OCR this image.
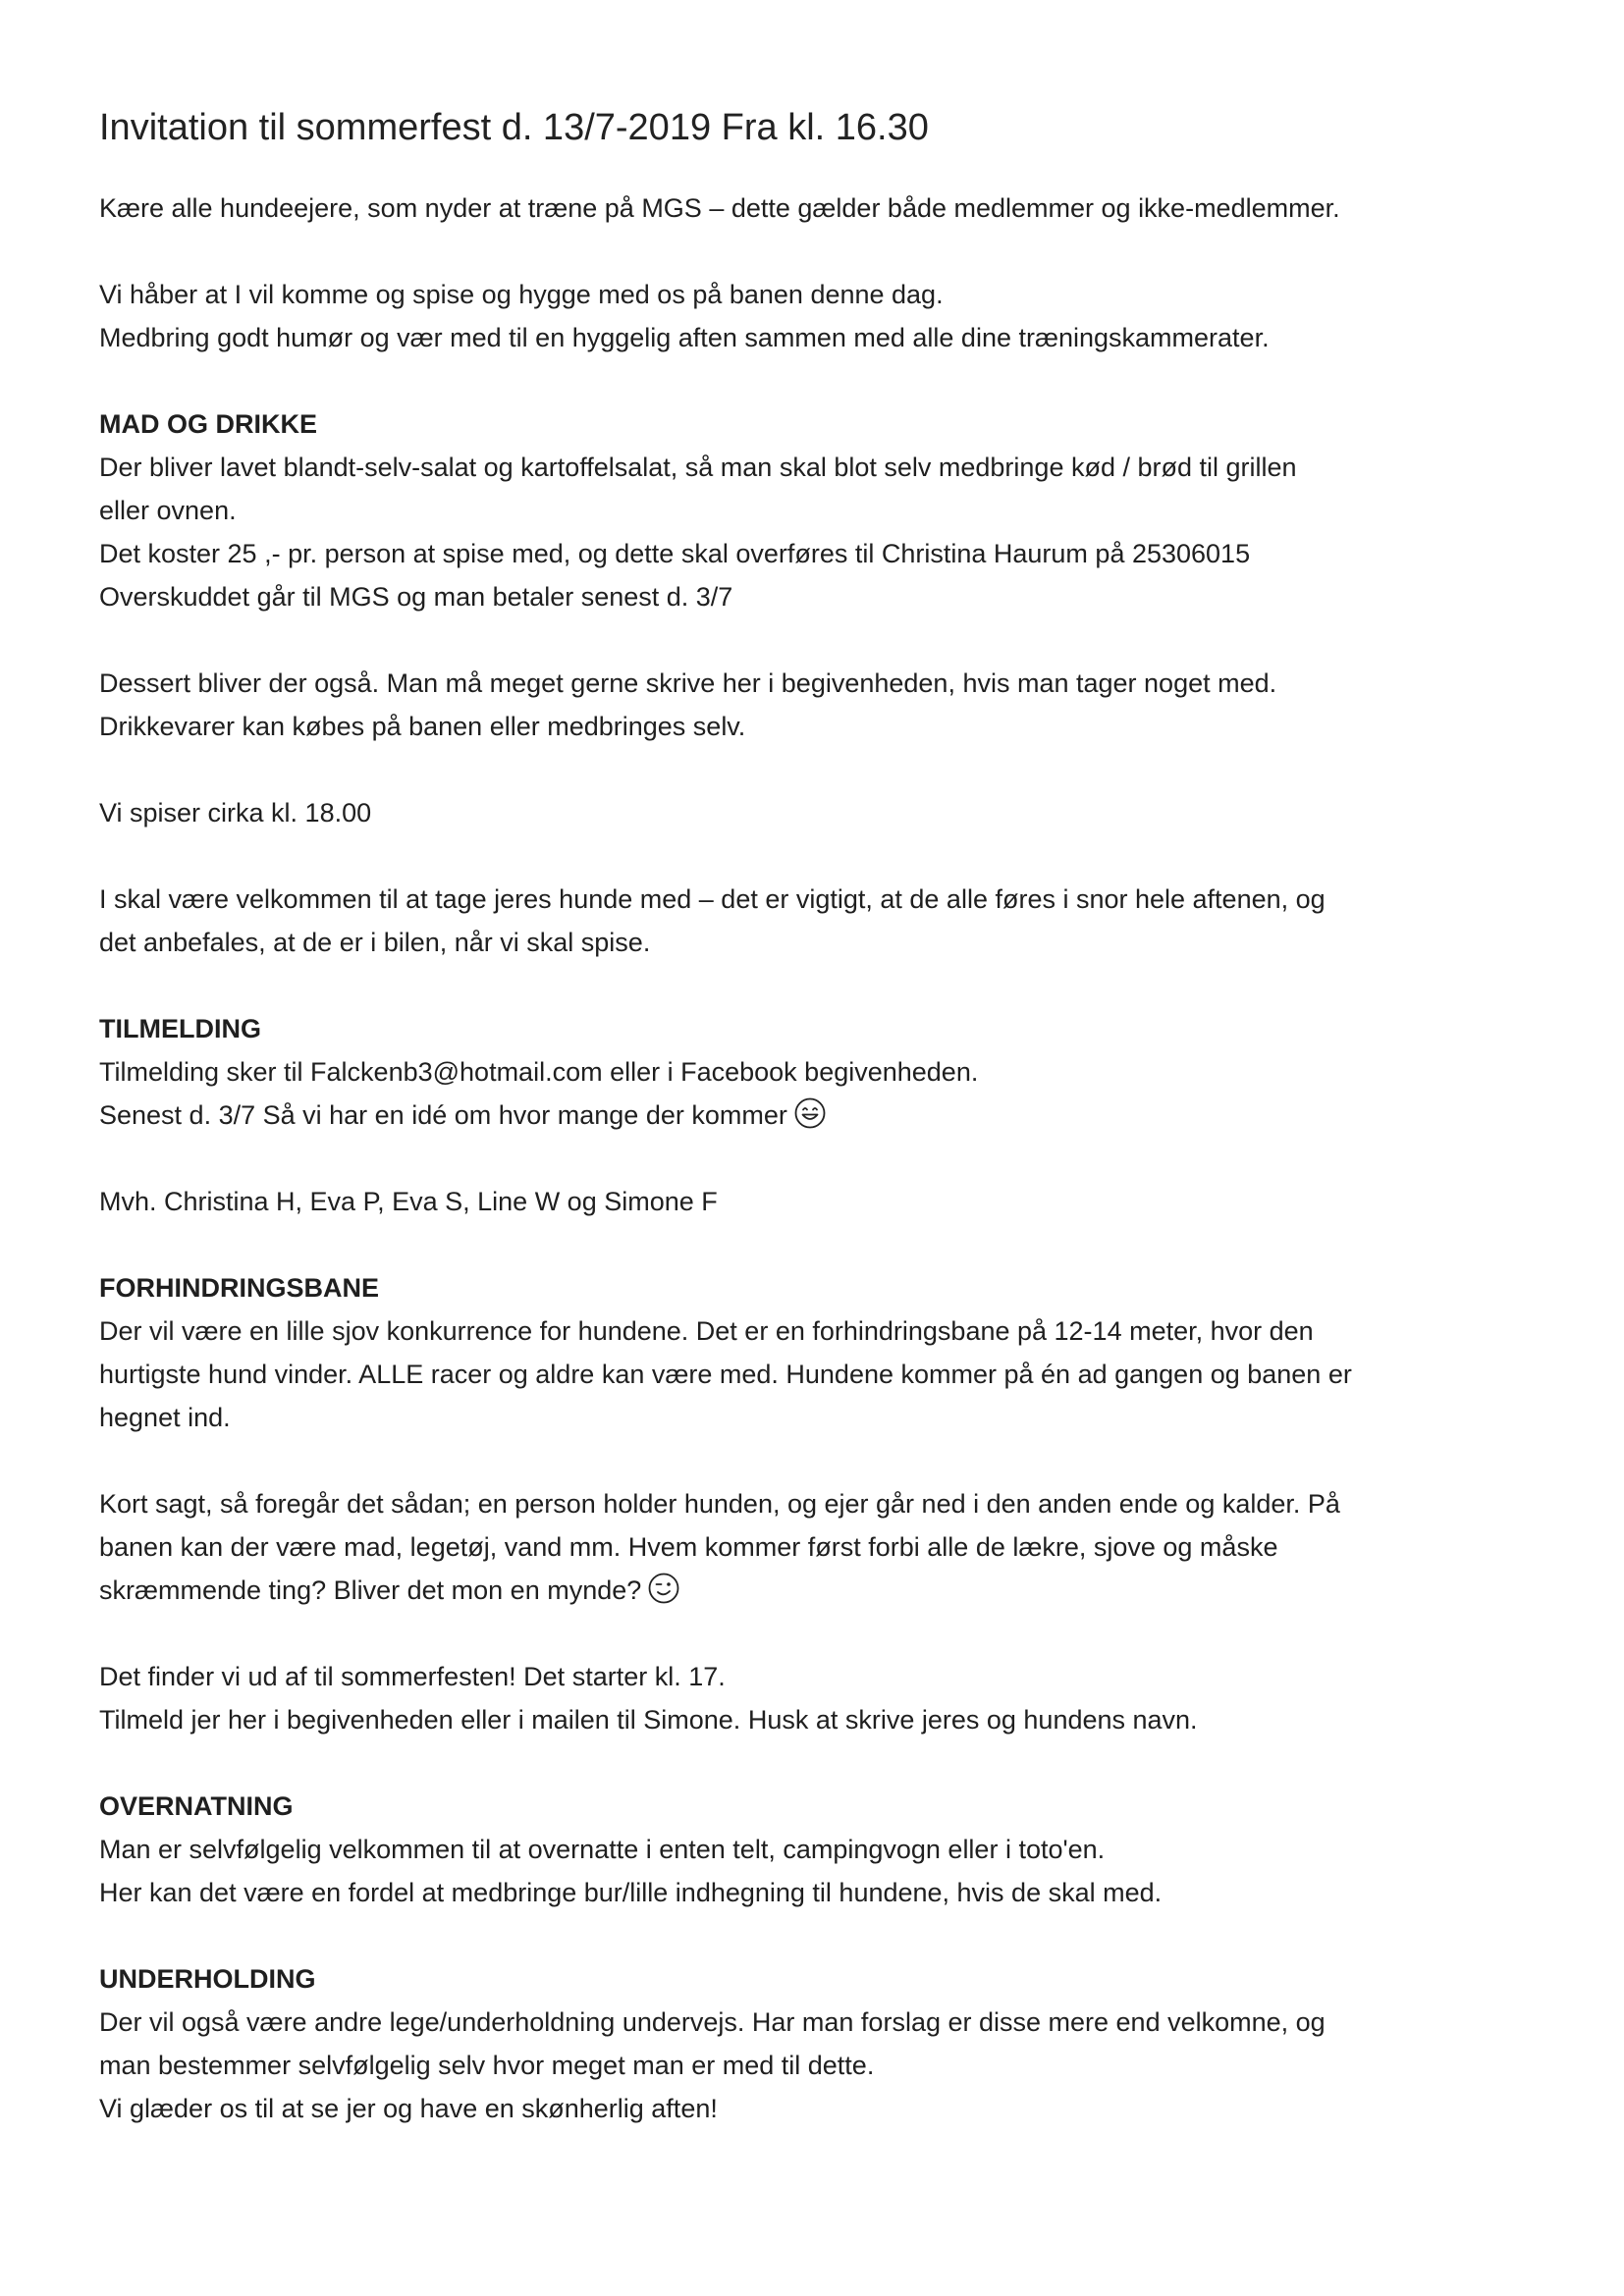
Invitation til sommerfest d. 13/7-2019 Fra kl. 16.30
Kære alle hundeejere, som nyder at træne på MGS – dette gælder både medlemmer og ikke-medlemmer.
Vi håber at I vil komme og spise og hygge med os på banen denne dag.
Medbring godt humør og vær med til en hyggelig aften sammen med alle dine træningskammerater.
MAD OG DRIKKE
Der bliver lavet blandt-selv-salat og kartoffelsalat, så man skal blot selv medbringe kød / brød til grillen
eller ovnen.
Det koster 25 ,- pr. person at spise med, og dette skal overføres til Christina Haurum på 25306015
Overskuddet går til MGS og man betaler senest d. 3/7
Dessert bliver der også. Man må meget gerne skrive her i begivenheden, hvis man tager noget med.
Drikkevarer kan købes på banen eller medbringes selv.
Vi spiser cirka kl. 18.00
I skal være velkommen til at tage jeres hunde med – det er vigtigt, at de alle føres i snor hele aftenen, og
det anbefales, at de er i bilen, når vi skal spise.
TILMELDING
Tilmelding sker til Falckenb3@hotmail.com eller i Facebook begivenheden.
Senest d. 3/7 Så vi har en idé om hvor mange der kommer
Mvh. Christina H, Eva P, Eva S, Line W og Simone F
FORHINDRINGSBANE
Der vil være en lille sjov konkurrence for hundene. Det er en forhindringsbane på 12-14 meter, hvor den
hurtigste hund vinder. ALLE racer og aldre kan være med. Hundene kommer på én ad gangen og banen er
hegnet ind.
Kort sagt, så foregår det sådan; en person holder hunden, og ejer går ned i den anden ende og kalder. På
banen kan der være mad, legetøj, vand mm. Hvem kommer først forbi alle de lækre, sjove og måske
skræmmende ting? Bliver det mon en mynde?
Det finder vi ud af til sommerfesten! Det starter kl. 17.
Tilmeld jer her i begivenheden eller i mailen til Simone. Husk at skrive jeres og hundens navn.
OVERNATNING
Man er selvfølgelig velkommen til at overnatte i enten telt, campingvogn eller i toto'en.
Her kan det være en fordel at medbringe bur/lille indhegning til hundene, hvis de skal med.
UNDERHOLDING
Der vil også være andre lege/underholdning undervejs. Har man forslag er disse mere end velkomne, og
man bestemmer selvfølgelig selv hvor meget man er med til dette.
Vi glæder os til at se jer og have en skønherlig aften!
